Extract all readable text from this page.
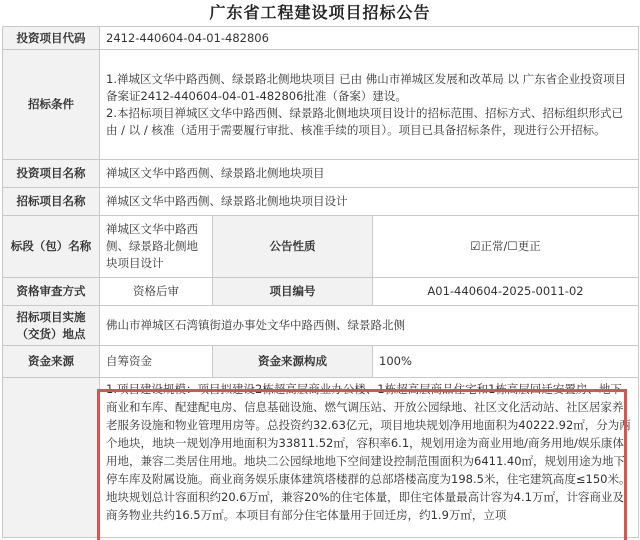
广东省工程建设项目招标公告
投资项目代码	2412-440604-04-01-482806		
招标条件	1.禅城区文华中路西侧、绿景路北侧地块项目 已由 佛山市禅城区发展和改革局 以 广东省企业投资项目备案证2412-440604-04-01-482806批准（备案）建设。
2.本招标项目禅城区文华中路西侧、绿景路北侧地块项目设计的招标范围、招标方式、招标组织形式已由 / 以 / 核准（适用于需要履行审批、核准手续的项目）。项目已具备招标条件，现进行公开招标。		

投资项目名称	禅城区文华中路西侧、绿景路北侧地块项目		
招标项目名称	禅城区文华中路西侧、绿景路北侧地块项目设计		
标段（包）名称	禅城区文华中路西侧、绿景路北侧地块项目设计	公告性质	☑正常/☐更正
资格审查方式	资格后审	项目编号	A01-440604-2025-0011-02
招标项目实施（交货）地点	佛山市禅城区石湾镇街道办事处文华中路西侧、绿景路北侧		
资金来源	自筹资金	资金来源构成	100%

	1.项目建设规模：项目拟建设2栋超高层商业办公楼、1栋超高层商品住宅和1栋高层回迁安置房、地下商业和车库、配建配电房、信息基础设施、燃气调压站、开放公园绿地、社区文化活动站、社区居家养老服务设施和物业管理用房等。总投资约32.63亿元，项目地块规划净用地面积为40222.92㎡，分为两个地块，地块一规划净用地面积为33811.52㎡，容积率6.1，规划用途为商业用地/商务用地/娱乐康体用地，兼容二类居住用地。地块二公园绿地地下空间建设控制范围面积为6411.40㎡，规划用途为地下停车库及附属设施。商业商务娱乐康体建筑塔楼群的总部塔楼高度为198.5米，住宅建筑高度≤150米。地块规划总计容面积约20.6万㎡，兼容20%的住宅体量，即住宅体量最高计容为4.1万㎡，计容商业及商务物业共约16.5万㎡。本项目有部分住宅体量用于回迁房，约1.9万㎡，立项		
